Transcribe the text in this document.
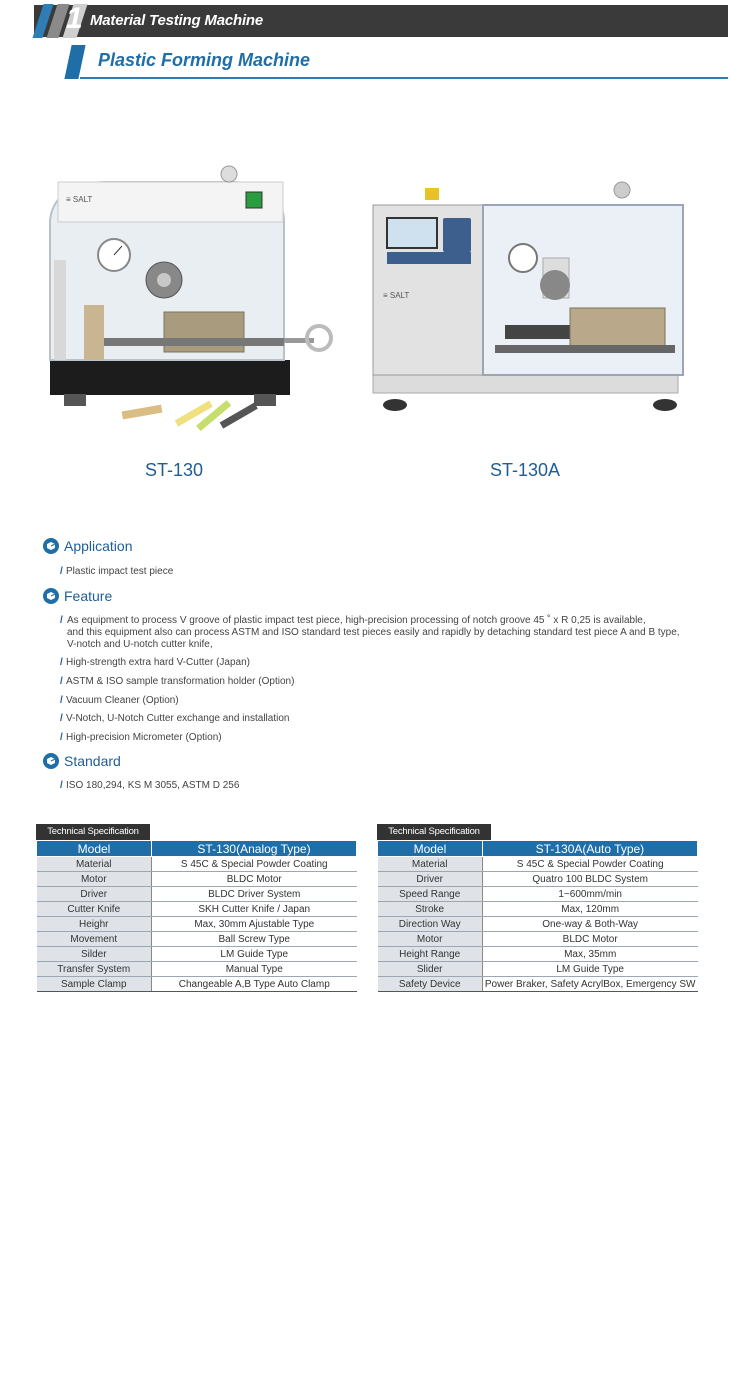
1 Material Testing Machine
Plastic Forming Machine
≡ SALT
≡ SALT
ST-130	ST-130A
Application
/ Plastic impact test piece
Feature
/ As equipment to process V groove of plastic impact test piece, high-precision processing of notch groove 45 ˚ x R 0,25 is available,
and this equipment also can process ASTM and ISO standard test pieces easily and rapidly by detaching standard test piece A and B type,
V-notch and U-notch cutter knife,
/ High-strength extra hard V-Cutter (Japan)
/ ASTM & ISO sample transformation holder (Option)
/ Vacuum Cleaner (Option)
/ V-Notch, U-Notch Cutter exchange and installation
/ High-precision Micrometer (Option)
Standard
/ ISO 180,294, KS M 3055, ASTM D 256
Technical Specification
Model	ST-130(Analog Type)
Material	S 45C & Special Powder Coating
Motor	BLDC Motor
Driver	BLDC Driver System
Cutter Knife	SKH Cutter Knife / Japan
Heighr	Max, 30mm Ajustable Type
Movement	Ball Screw Type
Silder	LM Guide Type
Transfer System	Manual Type
Sample Clamp	Changeable A,B Type Auto Clamp
Technical Specification
Model	ST-130A(Auto Type)
Material	S 45C & Special Powder Coating
Driver	Quatro 100 BLDC System
Speed Range	1~600mm/min
Stroke	Max, 120mm
Direction Way	One-way & Both-Way
Motor	BLDC Motor
Height Range	Max, 35mm
Slider	LM Guide Type
Safety Device	Power Braker, Safety AcrylBox, Emergency SW
